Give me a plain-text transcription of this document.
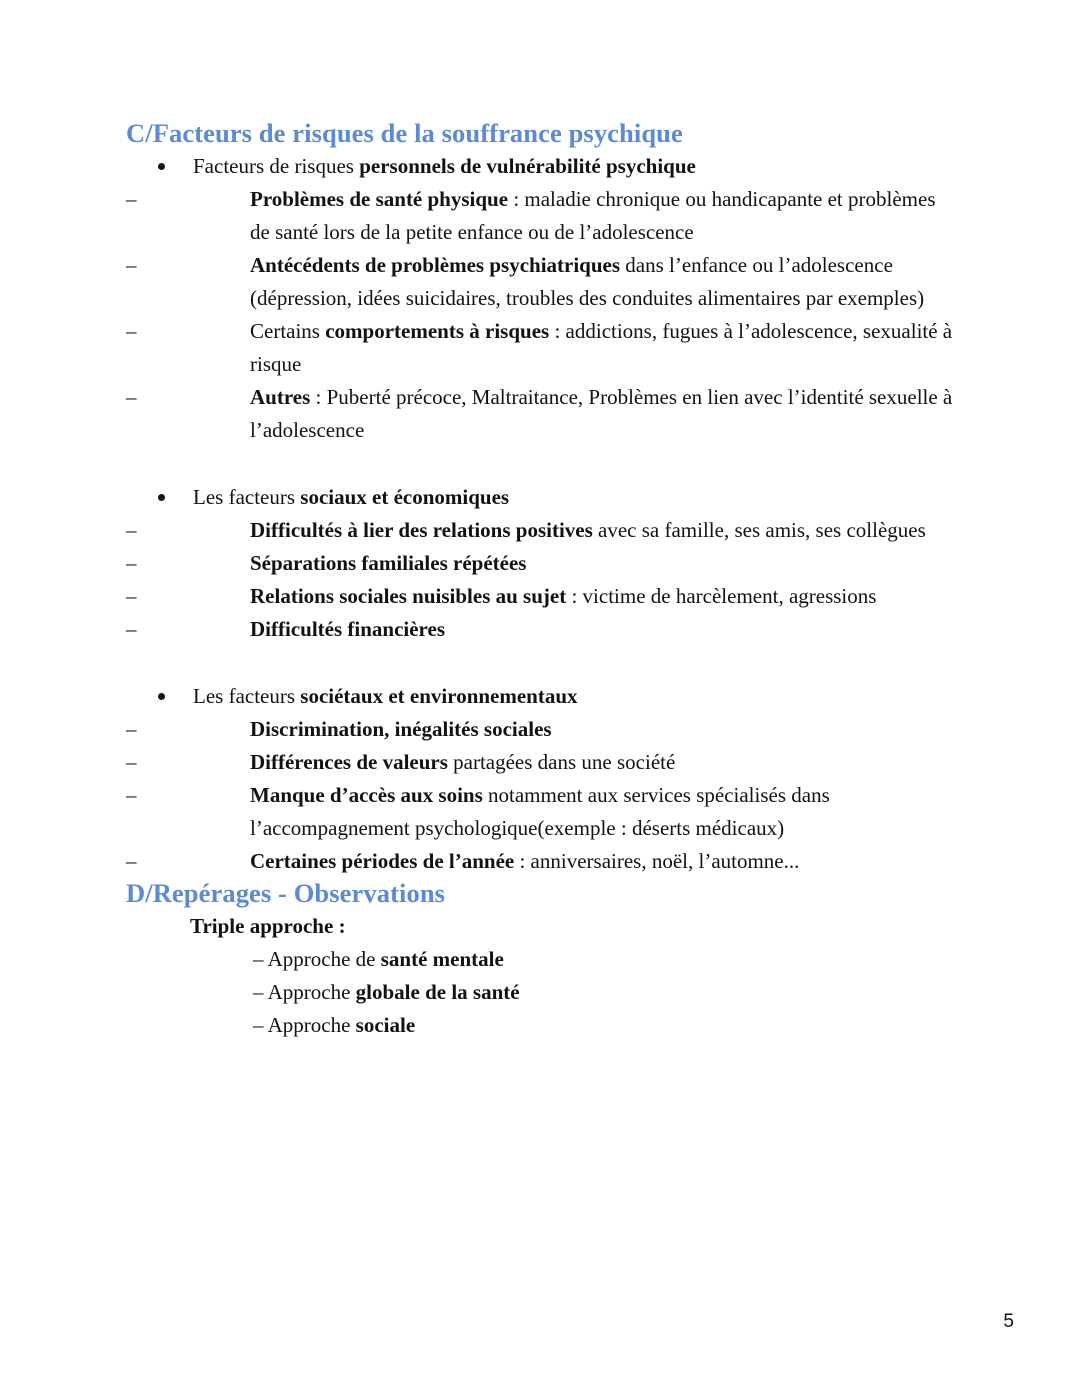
C/Facteurs de risques de la souffrance psychique
Facteurs de risques personnels de vulnérabilité psychique
–	Problèmes de santé physique : maladie chronique ou handicapante et problèmes de santé lors de la petite enfance ou de l’adolescence
–	Antécédents de problèmes psychiatriques dans l’enfance ou l’adolescence (dépression, idées suicidaires, troubles des conduites alimentaires par exemples)
–	Certains comportements à risques : addictions, fugues à l’adolescence, sexualité à risque
–	Autres : Puberté précoce, Maltraitance, Problèmes en lien avec l’identité sexuelle à l’adolescence
Les facteurs sociaux et économiques
–	Difficultés à lier des relations positives avec sa famille, ses amis, ses collègues
–	Séparations familiales répétées
–	Relations sociales nuisibles au sujet : victime de harcèlement, agressions
–	Difficultés financières
Les facteurs sociétaux et environnementaux
–	Discrimination, inégalités sociales
–	Différences de valeurs partagées dans une société
–	Manque d’accès aux soins notamment aux services spécialisés dans l’accompagnement psychologique(exemple : déserts médicaux)
–	Certaines périodes de l’année : anniversaires, noël, l’automne...
D/Repérages - Observations
Triple approche :
– Approche de santé mentale
– Approche globale de la santé
– Approche sociale
5
